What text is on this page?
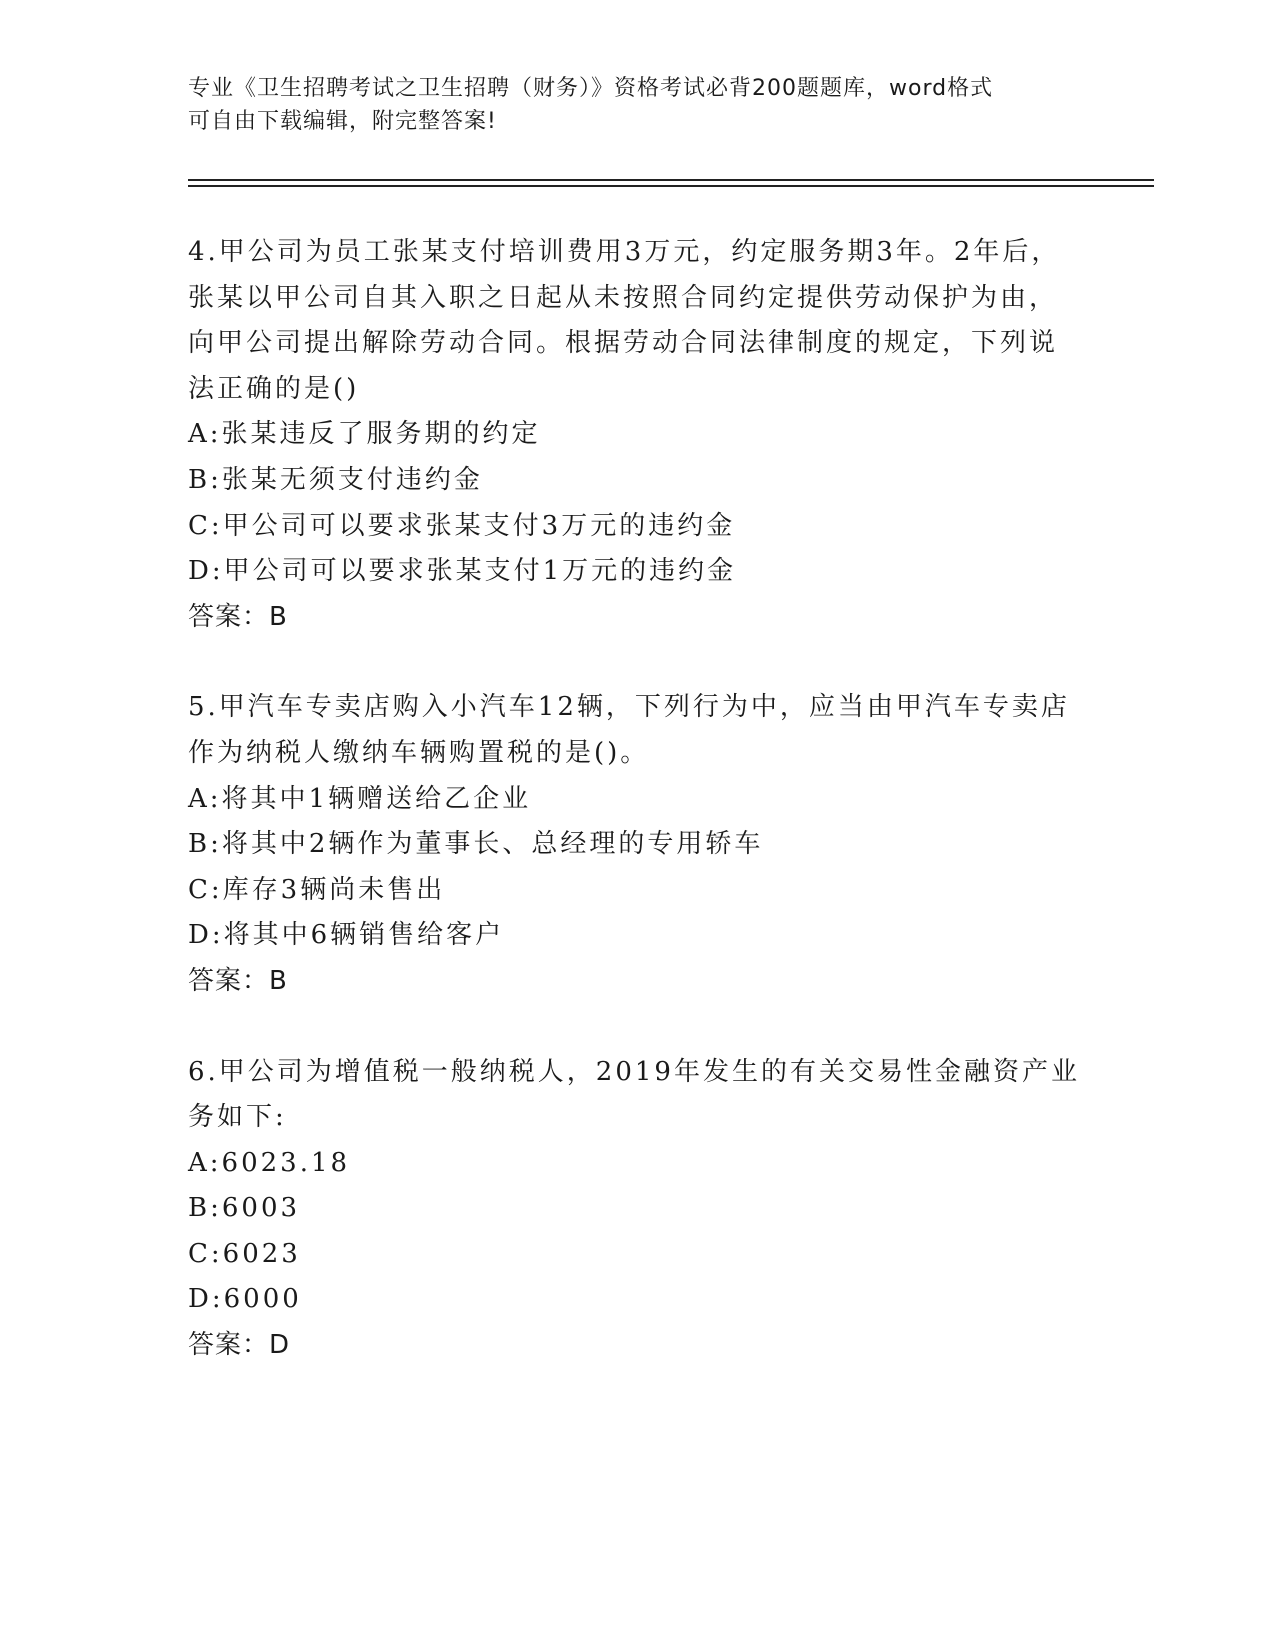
专业《卫生招聘考试之卫生招聘（财务）》资格考试必背200题题库，word格式
可自由下载编辑，附完整答案!
4.甲公司为员工张某支付培训费用3万元，约定服务期3年。2年后，
张某以甲公司自其入职之日起从未按照合同约定提供劳动保护为由，
向甲公司提出解除劳动合同。根据劳动合同法律制度的规定，下列说
法正确的是()
A:张某违反了服务期的约定
B:张某无须支付违约金
C:甲公司可以要求张某支付3万元的违约金
D:甲公司可以要求张某支付1万元的违约金
答案：B
5.甲汽车专卖店购入小汽车12辆，下列行为中，应当由甲汽车专卖店
作为纳税人缴纳车辆购置税的是()。
A:将其中1辆赠送给乙企业
B:将其中2辆作为董事长、总经理的专用轿车
C:库存3辆尚未售出
D:将其中6辆销售给客户
答案：B
6.甲公司为增值税一般纳税人，2019年发生的有关交易性金融资产业
务如下:
A:6023.18
B:6003
C:6023
D:6000
答案：D
